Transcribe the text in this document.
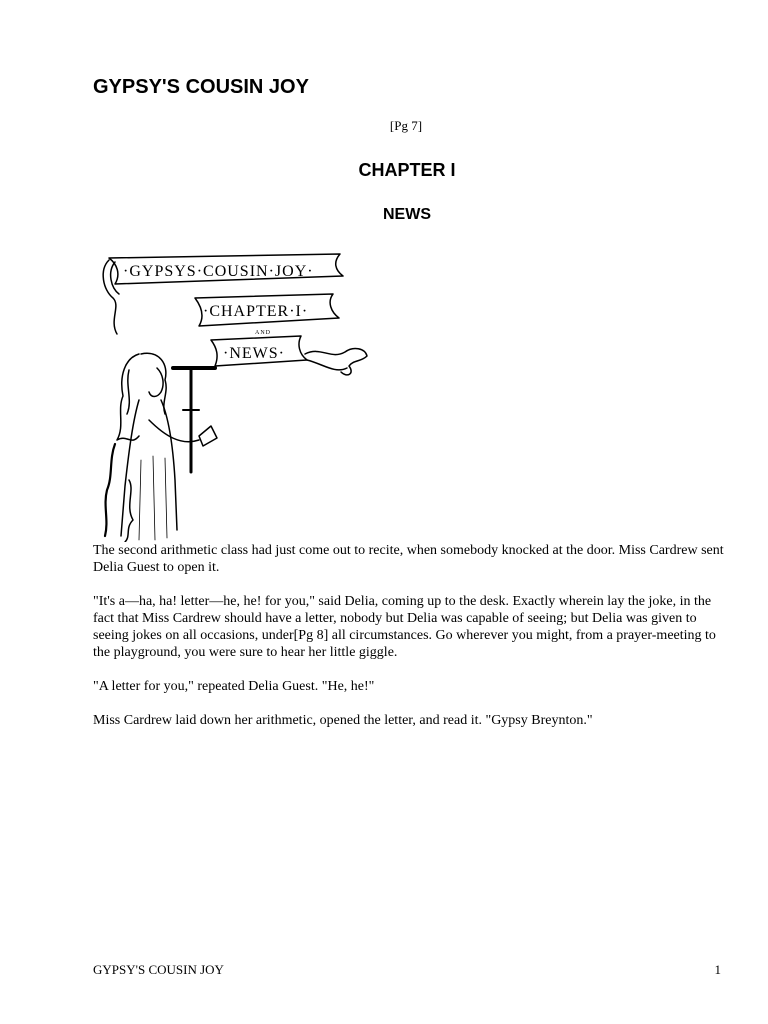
GYPSY'S COUSIN JOY
[Pg 7]
CHAPTER I
NEWS
·GYPSYS·COUSIN·JOY·
·CHAPTER·I·
·NEWS·
AND

The second arithmetic class had just come out to recite, when somebody knocked at the door. Miss Cardrew sent Delia Guest to open it.

"It's a—ha, ha! letter—he, he! for you," said Delia, coming up to the desk. Exactly wherein lay the joke, in the fact that Miss Cardrew should have a letter, nobody but Delia was capable of seeing; but Delia was given to seeing jokes on all occasions, under[Pg 8] all circumstances. Go wherever you might, from a prayer-meeting to the playground, you were sure to hear her little giggle.

"A letter for you," repeated Delia Guest. "He, he!"

Miss Cardrew laid down her arithmetic, opened the letter, and read it. "Gypsy Breynton."

GYPSY'S COUSIN JOY	1
